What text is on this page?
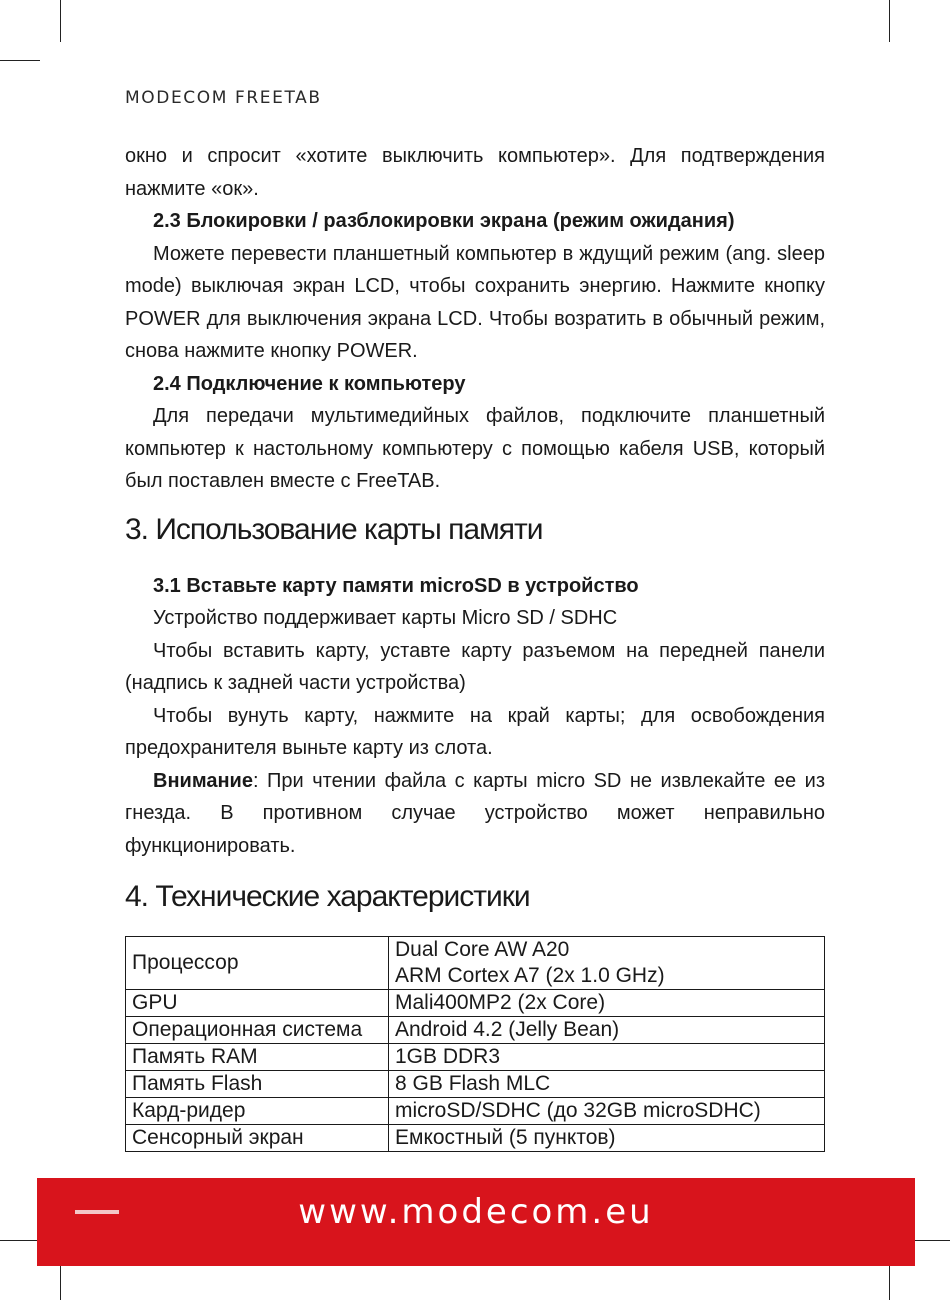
MODECOM FREETAB

окно и спросит «хотите выключить компьютер». Для подтверждения нажмите «ок».

2.3 Блокировки / разблокировки экрана (режим ожидания)

Можете перевести планшетный компьютер в ждущий режим (ang. sleep mode) выключая экран LCD, чтобы сохранить энергию. Нажмите кнопку POWER для выключения экрана LCD. Чтобы возратить в обычный режим, снова нажмите кнопку POWER.

2.4 Подключение к компьютеру

Для передачи мультимедийных файлов, подключите планшетный компьютер к настольному компьютеру с помощью кабеля USB, который был поставлен вместе с FreeTAB.

3. Использование карты памяти
3.1 Вставьте карту памяти microSD в устройство

Устройство поддерживает карты Micro SD / SDHC

Чтобы вставить карту, уставте карту разъемом на передней панели (надпись к задней части устройства)

Чтобы вунуть карту, нажмите на край карты; для освобождения предохранителя выньте карту из слота.

Внимание: При чтении файла с карты micro SD не извлекайте ее из гнезда. В противном случае устройство может неправильно функционировать.

4. Технические характеристики
Процессор	Dual Core AW A20
ARM Cortex A7 (2x 1.0 GHz)

GPU	Mali400MP2 (2x Core)
Операционная система	Android 4.2 (Jelly Bean)
Память RAM	1GB DDR3
Память Flash	8 GB Flash MLC
Кард-ридер	microSD/SDHC (до 32GB microSDHC)
Сенсорный экран	Емкостный (5 пунктов)
www.modecom.eu
